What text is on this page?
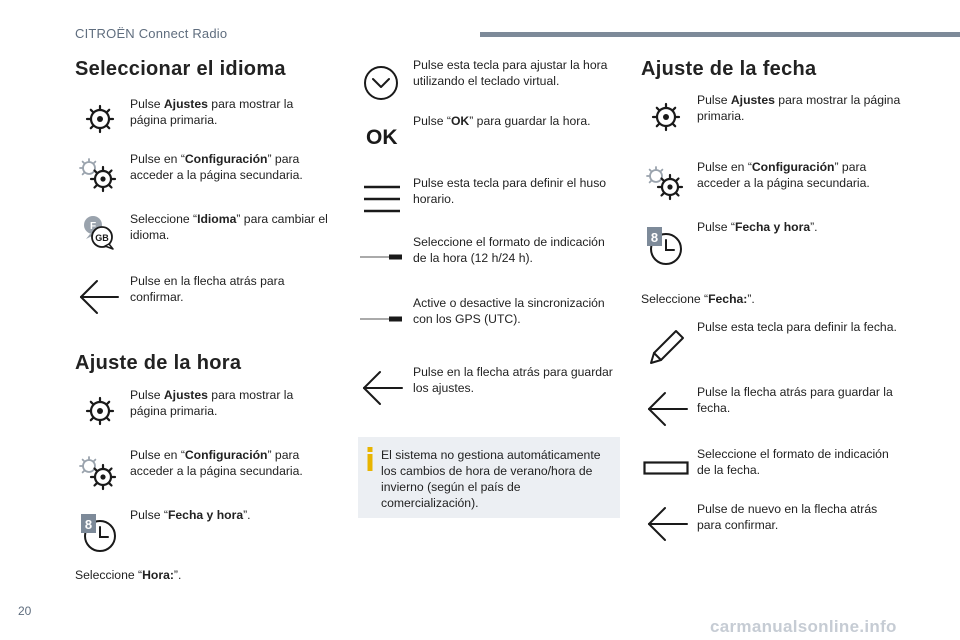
CITROËN Connect Radio
Seleccionar el idioma
Pulse Ajustes para mostrar la página primaria.
Pulse en “Configuración” para acceder a la página secundaria.
F
GB
Seleccione “Idioma” para cambiar el idioma.
Pulse en la flecha atrás para confirmar.
Ajuste de la hora
Pulse Ajustes para mostrar la página primaria.
Pulse en “Configuración” para acceder a la página secundaria.
8
Pulse “Fecha y hora”.
Seleccione “Hora:”.
Pulse esta tecla para ajustar la hora utilizando el teclado virtual.
OK
Pulse “OK” para guardar la hora.
Pulse esta tecla para definir el huso horario.
Seleccione el formato de indicación de la hora (12 h/24 h).
Active o desactive la sincronización con los GPS (UTC).
Pulse en la flecha atrás para guardar los ajustes.
El sistema no gestiona automáticamente los cambios de hora de verano/hora de invierno (según el país de comercialización).
Ajuste de la fecha
Pulse Ajustes para mostrar la página primaria.
Pulse en “Configuración” para acceder a la página secundaria.
8
Pulse “Fecha y hora”.
Seleccione “Fecha:”.
Pulse esta tecla para definir la fecha.
Pulse la flecha atrás para guardar la fecha.
Seleccione el formato de indicación de la fecha.
Pulse de nuevo en la flecha atrás para confirmar.
20
carmanualsonline.info
